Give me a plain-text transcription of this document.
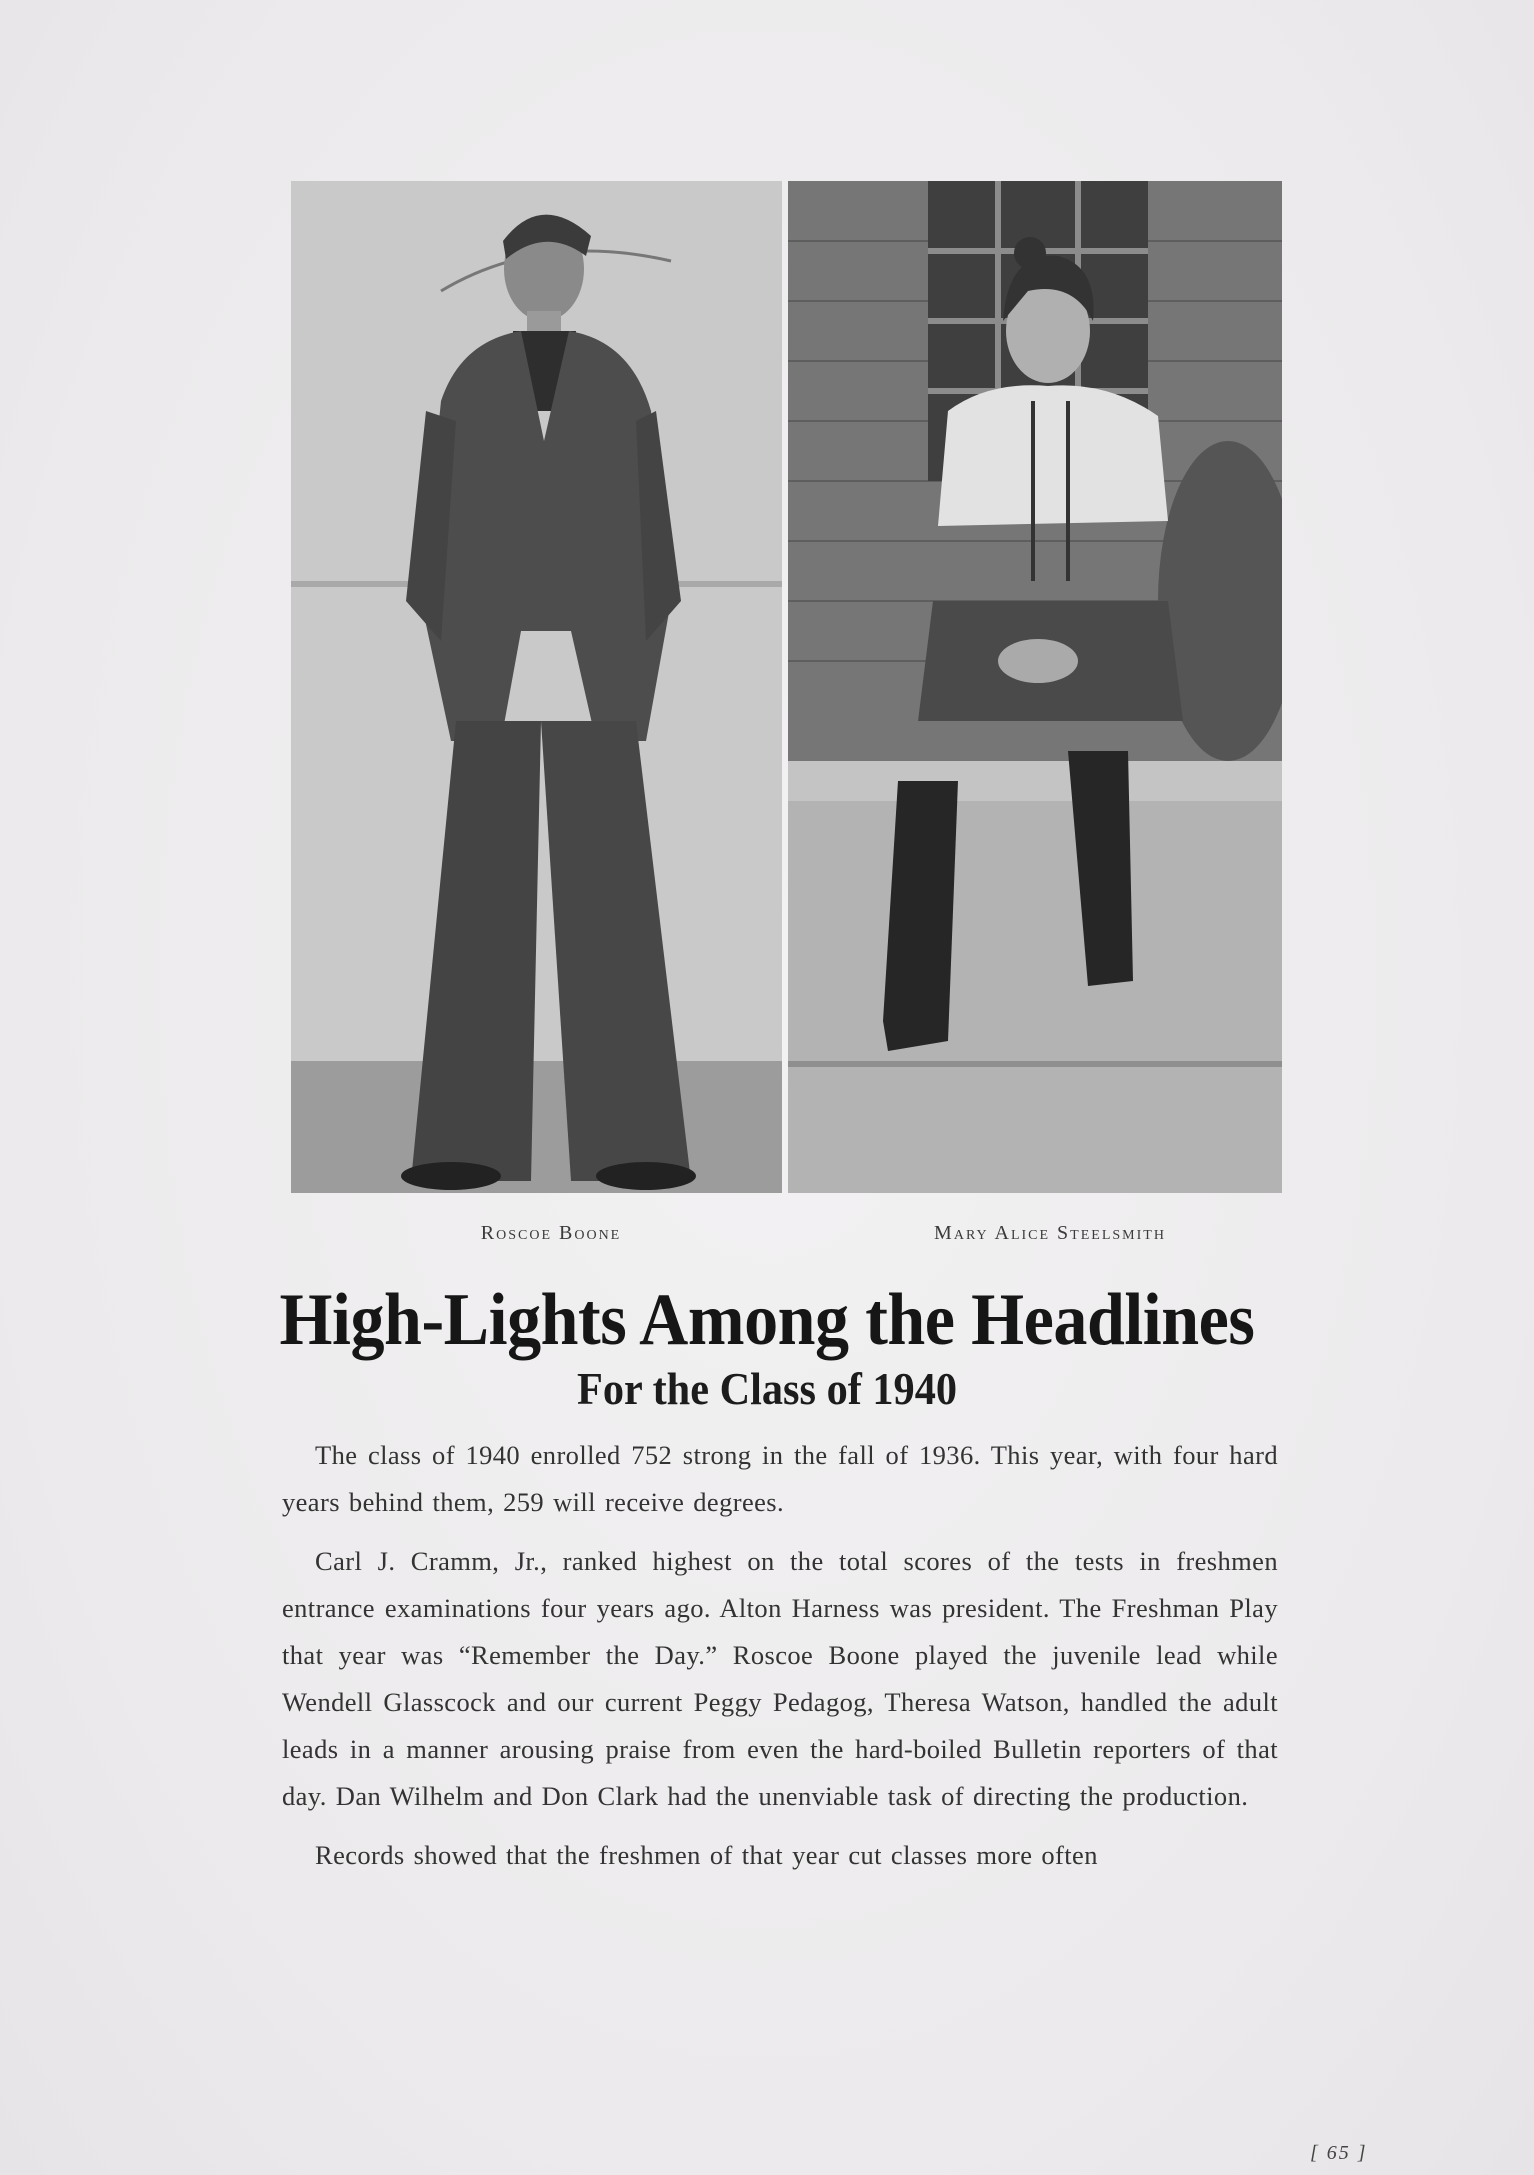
Roscoe Boone	Mary Alice Steelsmith
High-Lights Among the Headlines
For the Class of 1940

The class of 1940 enrolled 752 strong in the fall of 1936. This year, with four hard years behind them, 259 will receive degrees.

Carl J. Cramm, Jr., ranked highest on the total scores of the tests in freshmen entrance examinations four years ago. Alton Harness was president. The Freshman Play that year was “Remember the Day.” Roscoe Boone played the juvenile lead while Wendell Glasscock and our current Peggy Pedagog, Theresa Watson, handled the adult leads in a manner arousing praise from even the hard-boiled Bulletin reporters of that day. Dan Wilhelm and Don Clark had the unenviable task of directing the production.

Records showed that the freshmen of that year cut classes more often

[ 65 ]
